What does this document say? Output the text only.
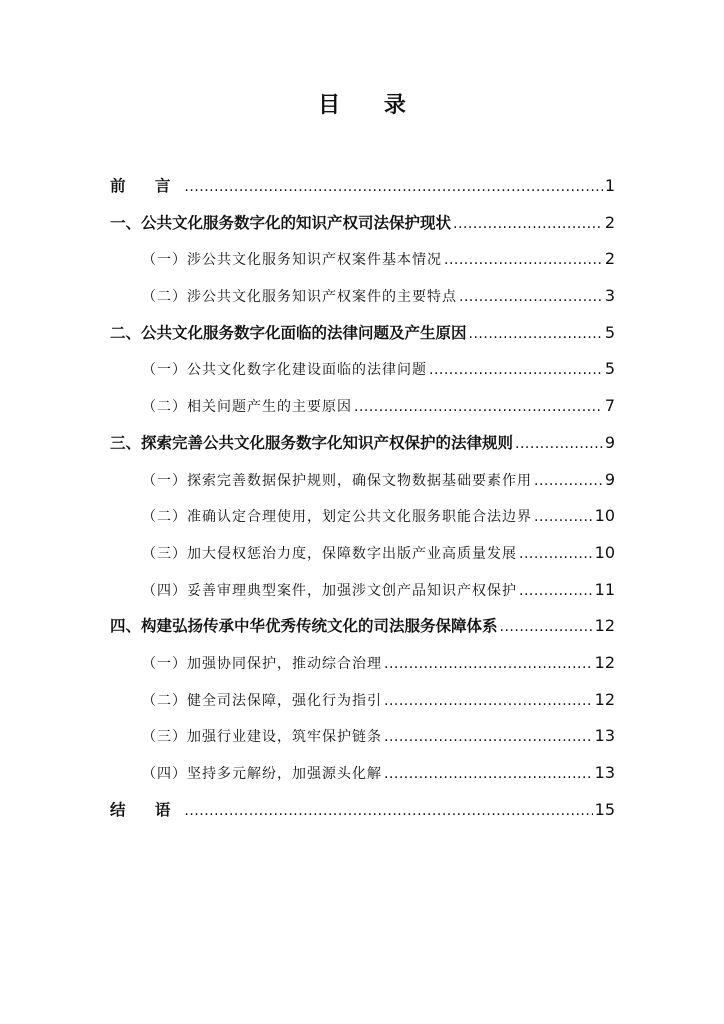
目 录
前 言 .....	1
一、公共文化服务数字化的知识产权司法保护现状 .....	2
（一）涉公共文化服务知识产权案件基本情况 .....	2
（二）涉公共文化服务知识产权案件的主要特点 .....	3
二、公共文化服务数字化面临的法律问题及产生原因 .....	5
（一）公共文化数字化建设面临的法律问题 .....	5
（二）相关问题产生的主要原因 .....	7
三、探索完善公共文化服务数字化知识产权保护的法律规则 .....	9
（一）探索完善数据保护规则，确保文物数据基础要素作用 .....	9
（二）准确认定合理使用，划定公共文化服务职能合法边界 .....	10
（三）加大侵权惩治力度，保障数字出版产业高质量发展 .....	10
（四）妥善审理典型案件，加强涉文创产品知识产权保护 .....	11
四、构建弘扬传承中华优秀传统文化的司法服务保障体系 .....	12
（一）加强协同保护，推动综合治理 .....	12
（二）健全司法保障，强化行为指引 .....	12
（三）加强行业建设，筑牢保护链条 .....	13
（四）坚持多元解纷，加强源头化解 .....	13
结 语 .....	15
